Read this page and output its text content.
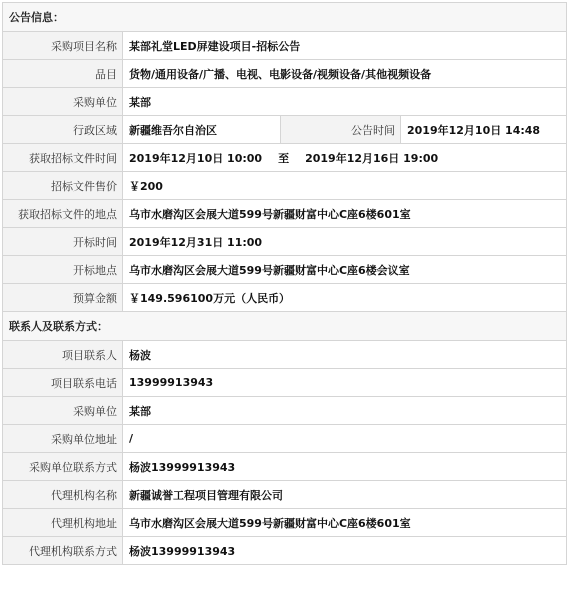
公告信息：			
采购项目名称	某部礼堂LED屏建设项目-招标公告		
品目	货物/通用设备/广播、电视、电影设备/视频设备/其他视频设备		
采购单位	某部		
行政区域	新疆维吾尔自治区	公告时间	2019年12月10日 14:48
获取招标文件时间	2019年12月10日 10:00 至 2019年12月16日 19:00		
招标文件售价	￥200		
获取招标文件的地点	乌市水磨沟区会展大道599号新疆财富中心C座6楼601室		
开标时间	2019年12月31日 11:00		
开标地点	乌市水磨沟区会展大道599号新疆财富中心C座6楼会议室		
预算金额	￥149.596100万元（人民币）		
联系人及联系方式：			
项目联系人	杨波		
项目联系电话	13999913943		
采购单位	某部		
采购单位地址	/		
采购单位联系方式	杨波13999913943		
代理机构名称	新疆诚誉工程项目管理有限公司		
代理机构地址	乌市水磨沟区会展大道599号新疆财富中心C座6楼601室		
代理机构联系方式	杨波13999913943		
